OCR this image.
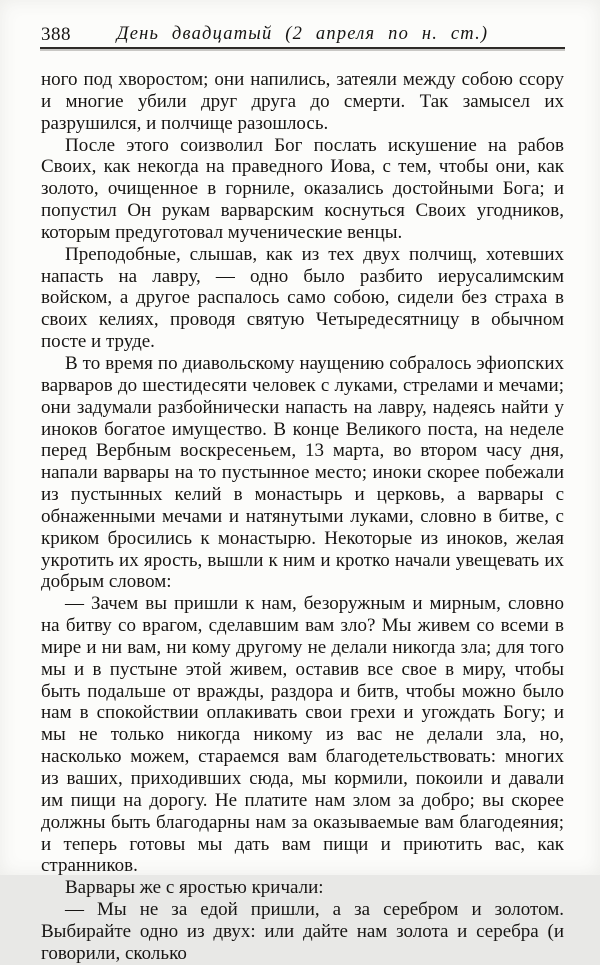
388	День двадцатый (2 апреля по н. ст.)

ного под хворостом; они напились, затеяли между собою ссору и многие убили друг друга до смерти. Так замысел их разрушился, и полчище разошлось.

После этого соизволил Бог послать искушение на рабов Своих, как некогда на праведного Иова, с тем, чтобы они, как золото, очищенное в горниле, оказались достойными Бога; и попустил Он рукам варварским коснуться Своих угодников, которым предуготовал мученические венцы.

Преподобные, слышав, как из тех двух полчищ, хотевших напасть на лавру, — одно было разбито иерусалимским войском, а другое распалось само собою, сидели без страха в своих келиях, проводя святую Четыредесятницу в обычном посте и труде.

В то время по диавольскому наущению собралось эфиопских варваров до шестидесяти человек с луками, стрелами и мечами; они задумали разбойнически напасть на лавру, надеясь найти у иноков богатое имущество. В конце Великого поста, на неделе перед Вербным воскресеньем, 13 марта, во втором часу дня, напали варвары на то пустынное место; иноки скорее побежали из пустынных келий в монастырь и церковь, а варвары с обнаженными мечами и натянутыми луками, словно в битве, с криком бросились к монастырю. Некоторые из иноков, желая укротить их ярость, вышли к ним и кротко начали увещевать их добрым словом:

— Зачем вы пришли к нам, безоружным и мирным, словно на битву со врагом, сделавшим вам зло? Мы живем со всеми в мире и ни вам, ни кому другому не делали никогда зла; для того мы и в пустыне этой живем, оставив все свое в миру, чтобы быть подальше от вражды, раздора и битв, чтобы можно было нам в спокойствии оплакивать свои грехи и угождать Богу; и мы не только никогда никому из вас не делали зла, но, насколько можем, стараемся вам благодетельствовать: многих из ваших, приходивших сюда, мы кормили, покоили и давали им пищи на дорогу. Не платите нам злом за добро; вы скорее должны быть благодарны нам за оказываемые вам благодеяния; и теперь готовы мы дать вам пищи и приютить вас, как странников.

Варвары же с яростью кричали:

— Мы не за едой пришли, а за серебром и золотом. Выбирайте одно из двух: или дайте нам золота и серебра (и говорили, сколько
